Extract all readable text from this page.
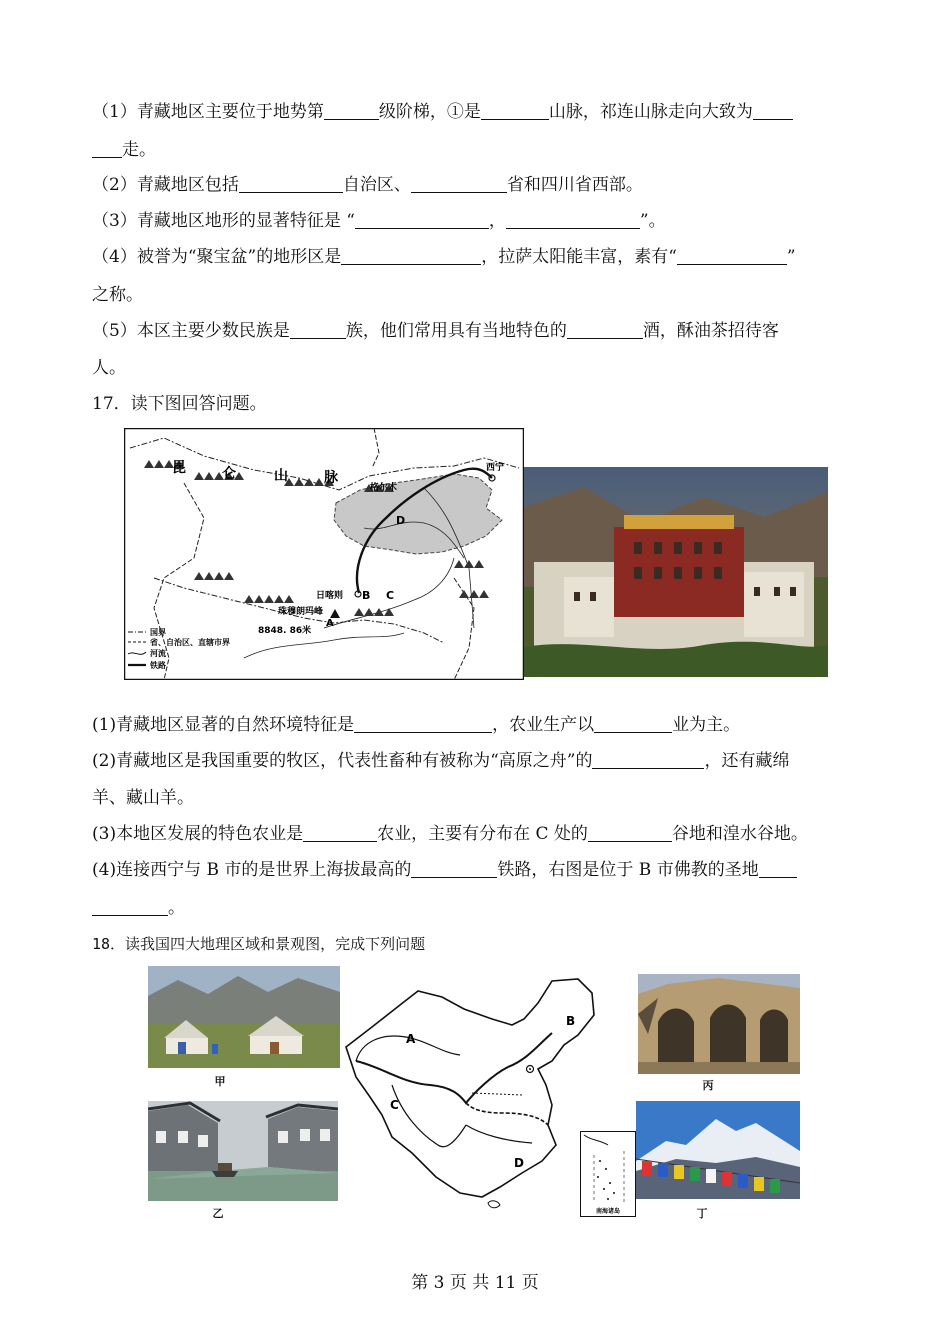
（1）青藏地区主要位于地势第	级阶梯，①是	山脉，祁连山脉走向大致为
走。
（2）青藏地区包括	自治区、	省和四川省西部。
（3）青藏地区地形的显著特征是 “	，	”。
（4）被誉为“聚宝盆”的地形区是	，拉萨太阳能丰富，素有“	”
之称。
（5）本区主要少数民族是	族，他们常用具有当地特色的	酒，酥油茶招待客
人。
17．读下图回答问题。
昆	仑	山	脉
格尔木
西宁
D
日喀则 B C
珠穆朗玛峰
8848. 86米
A
国界
省、自治区、直辖市界
河流
铁路
(1)青藏地区显著的自然环境特征是	，农业生产以	业为主。
(2)青藏地区是我国重要的牧区，代表性畜种有被称为“高原之舟”的	，还有藏绵
羊、藏山羊。
(3)本地区发展的特色农业是	农业，主要有分布在 C 处的	谷地和湟水谷地。
(4)连接西宁与 B 市的是世界上海拔最高的	铁路，右图是位于 B 市佛教的圣地
。
18．读我国四大地理区域和景观图，完成下列问题
甲
乙
A
B
C
D
南海诸岛
丙
丁
第 3 页 共 11 页
